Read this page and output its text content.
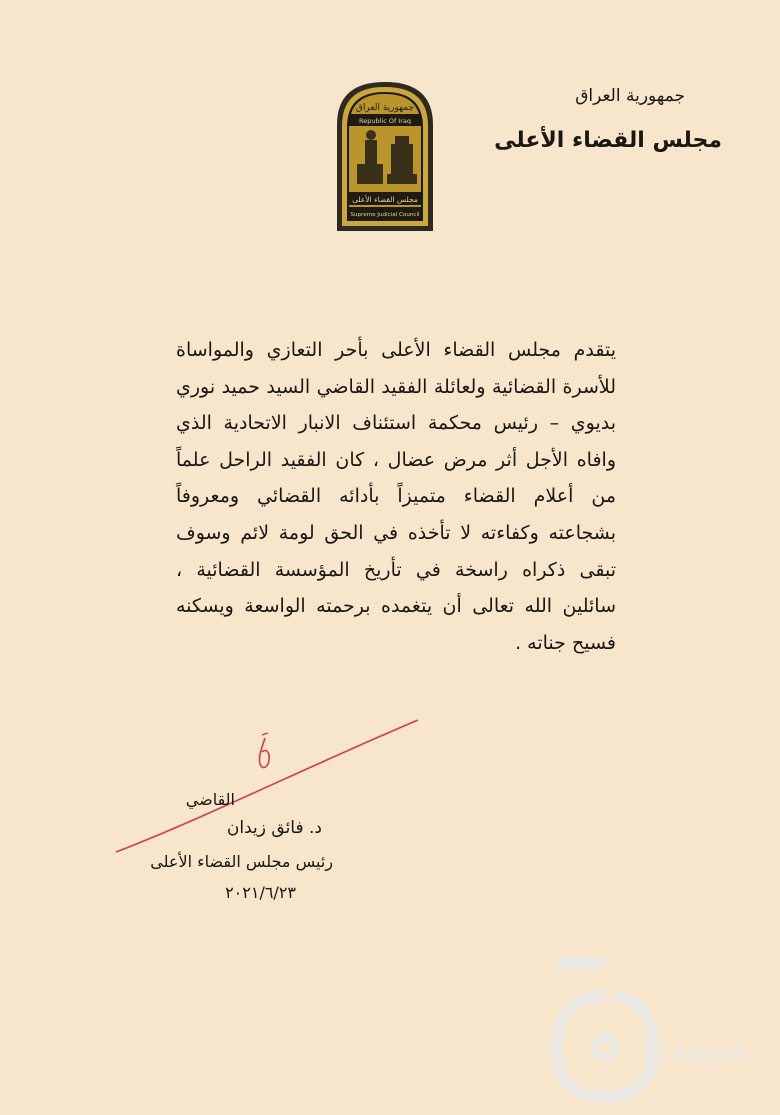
جمهورية العراق
مجلس القضاء الأعلى
جمهورية العراق
Republic Of Iraq
مجلس القضاء الأعلى
Supreme Judicial Council
يتقدم مجلس القضاء الأعلى بأحر التعازي والمواساة للأسرة القضائية ولعائلة الفقيد القاضي السيد حميد نوري بديوي – رئيس محكمة استئناف الانبار الاتحادية الذي وافاه الأجل أثر مرض عضال ، كان الفقيد الراحل علماً من أعلام القضاء متميزاً بأدائه القضائي ومعروفاً بشجاعته وكفاءته لا تأخذه في الحق لومة لائم وسوف تبقى ذكراه راسخة في تأريخ المؤسسة القضائية ، سائلين الله تعالى أن يتغمده برحمته الواسعة ويسكنه فسيح جناته .
القاضي
د. فائق زيدان
رئيس مجلس القضاء الأعلى
٢٠٢١/٦/٢٣
IQ NEWS
